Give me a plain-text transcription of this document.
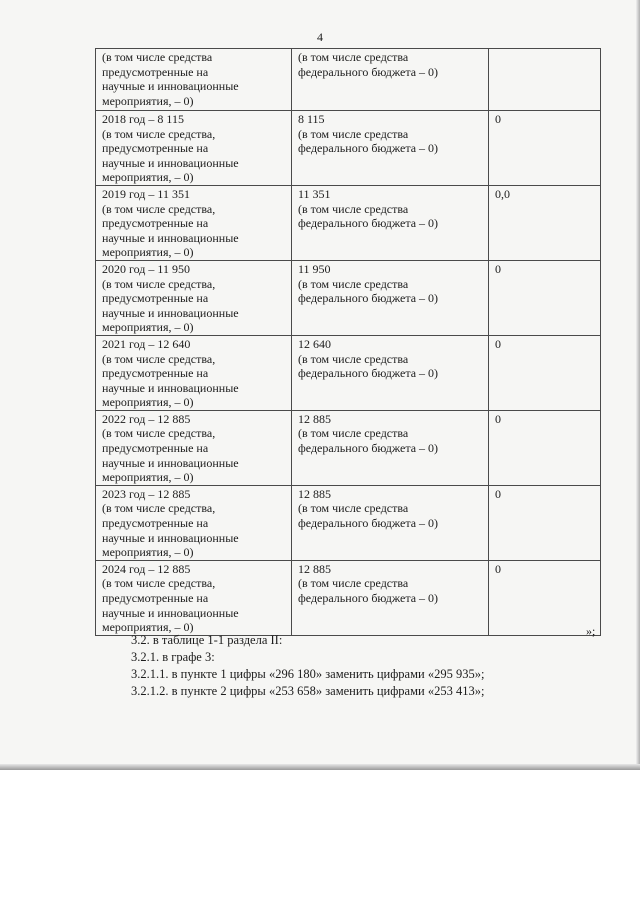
4
(в том числе средства
предусмотренные на
научные и инновационные
мероприятия, – 0)	(в том числе средства
федерального бюджета – 0)	
2018 год – 8 115
(в том числе средства,
предусмотренные на
научные и инновационные
мероприятия, – 0)	8 115
(в том числе средства
федерального бюджета – 0)	0
2019 год – 11 351
(в том числе средства,
предусмотренные на
научные и инновационные
мероприятия, – 0)	11 351
(в том числе средства
федерального бюджета – 0)	0,0
2020 год – 11 950
(в том числе средства,
предусмотренные на
научные и инновационные
мероприятия, – 0)	11 950
(в том числе средства
федерального бюджета – 0)	0
2021 год – 12 640
(в том числе средства,
предусмотренные на
научные и инновационные
мероприятия, – 0)	12 640
(в том числе средства
федерального бюджета – 0)	0
2022 год – 12 885
(в том числе средства,
предусмотренные на
научные и инновационные
мероприятия, – 0)	12 885
(в том числе средства
федерального бюджета – 0)	0
2023 год – 12 885
(в том числе средства,
предусмотренные на
научные и инновационные
мероприятия, – 0)	12 885
(в том числе средства
федерального бюджета – 0)	0
2024 год – 12 885
(в том числе средства,
предусмотренные на
научные и инновационные
мероприятия, – 0)	12 885
(в том числе средства
федерального бюджета – 0)	0
»;
3.2. в таблице 1-1 раздела II:
3.2.1. в графе 3:
3.2.1.1. в пункте 1 цифры «296 180» заменить цифрами «295 935»;
3.2.1.2. в пункте 2 цифры «253 658» заменить цифрами «253 413»;
